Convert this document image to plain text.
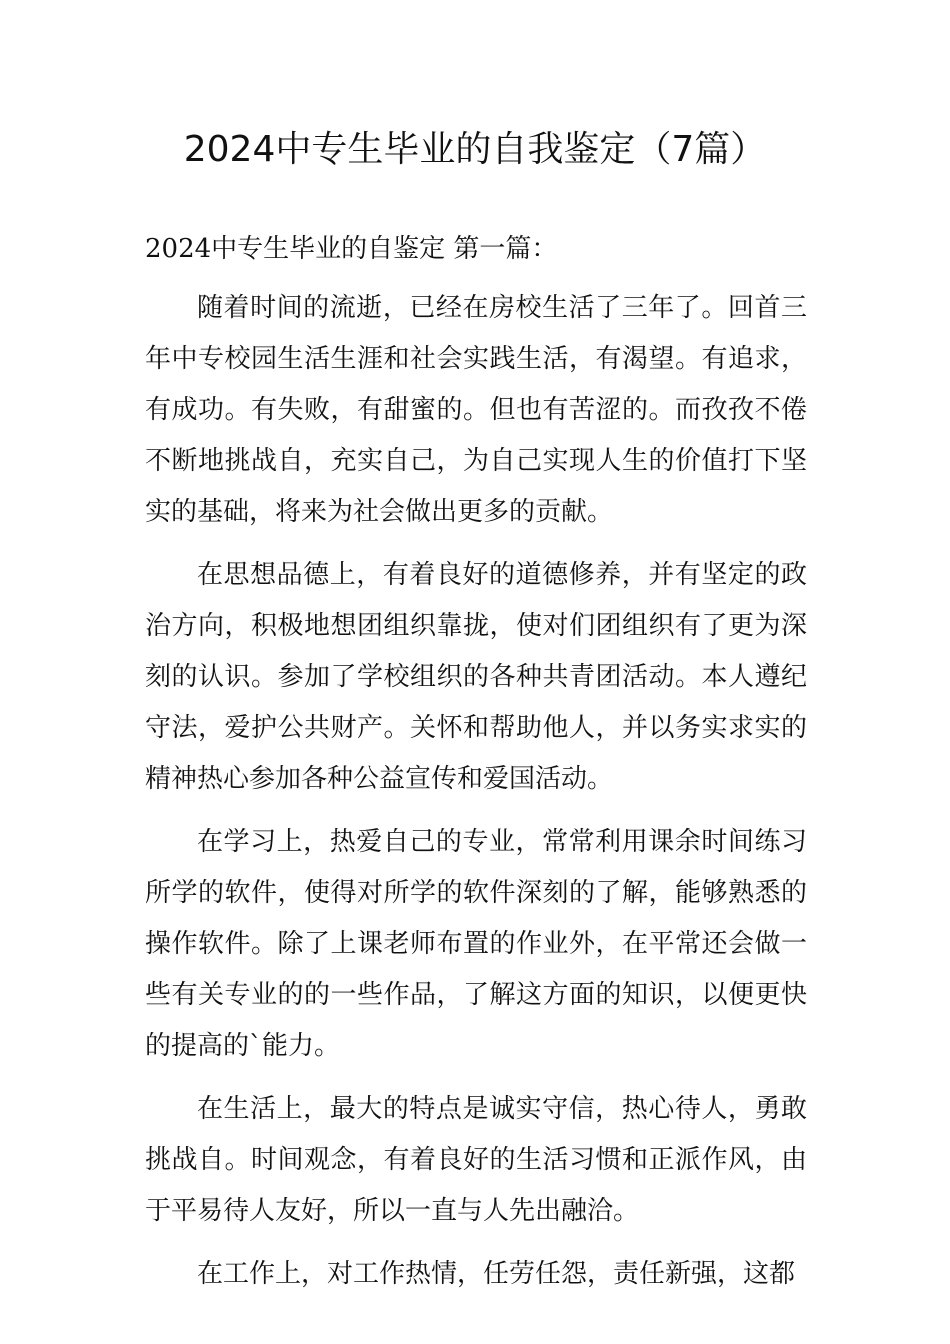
2024中专生毕业的自我鉴定（7篇）

2024中专生毕业的自鉴定 第一篇：

随着时间的流逝，已经在房校生活了三年了。回首三年中专校园生活生涯和社会实践生活，有渴望。有追求，有成功。有失败，有甜蜜的。但也有苦涩的。而孜孜不倦不断地挑战自，充实自己，为自己实现人生的价值打下坚实的基础，将来为社会做出更多的贡献。

在思想品德上，有着良好的道德修养，并有坚定的政治方向，积极地想团组织靠拢，使对们团组织有了更为深刻的认识。参加了学校组织的各种共青团活动。本人遵纪守法，爱护公共财产。关怀和帮助他人，并以务实求实的精神热心参加各种公益宣传和爱国活动。

在学习上，热爱自己的专业，常常利用课余时间练习所学的软件，使得对所学的软件深刻的了解，能够熟悉的操作软件。除了上课老师布置的作业外，在平常还会做一些有关专业的的一些作品，了解这方面的知识，以便更快的提高的`能力。

在生活上，最大的特点是诚实守信，热心待人，勇敢挑战自。时间观念，有着良好的生活习惯和正派作风，由于平易待人友好，所以一直与人先出融洽。

在工作上，对工作热情，任劳任怨，责任新强，这都
